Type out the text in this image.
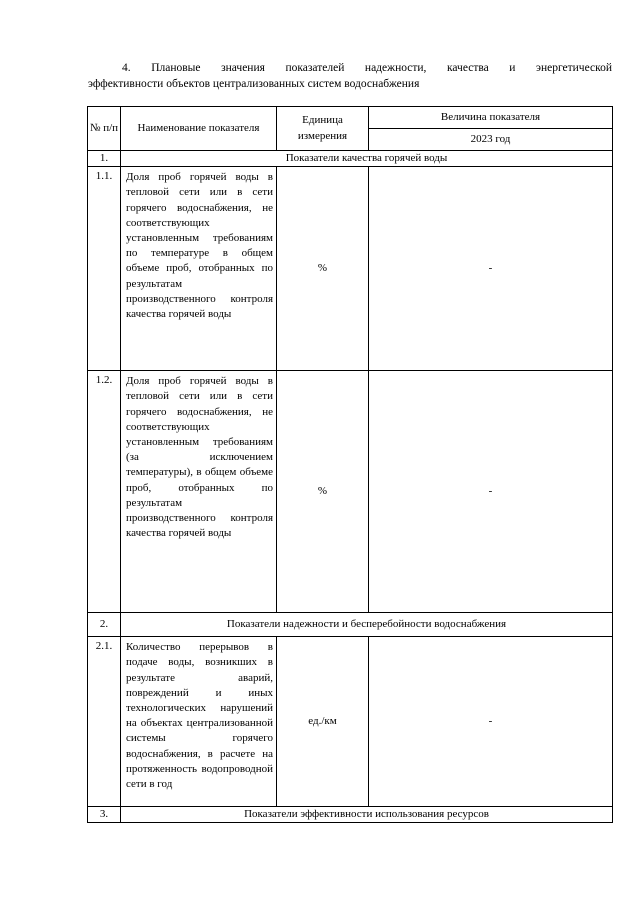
4. Плановые значения показателей надежности, качества и энергетической
эффективности объектов централизованных систем водоснабжения
№ п/п	Наименование показателя	Единица измерения	Величина показателя
			2023 год
1.	Показатели качества горячей воды		
1.1.	Доля проб горячей воды в тепловой сети или в сети горячего водоснабжения, не соответствующих установленным требованиям по температуре в общем объеме проб, отобранных по результатам производственного контроля качества горячей воды	%	-
1.2.	Доля проб горячей воды в тепловой сети или в сети горячего водоснабжения, не соответствующих установленным требованиям (за исключением температуры), в общем объеме проб, отобранных по результатам производственного контроля качества горячей воды	%	-
2.	Показатели надежности и бесперебойности водоснабжения		
2.1.	Количество перерывов в подаче воды, возникших в результате аварий, повреждений и иных технологических нарушений на объектах централизованной системы горячего водоснабжения, в расчете на протяженность водопроводной сети в год	ед./км	-
3.	Показатели эффективности использования ресурсов		
